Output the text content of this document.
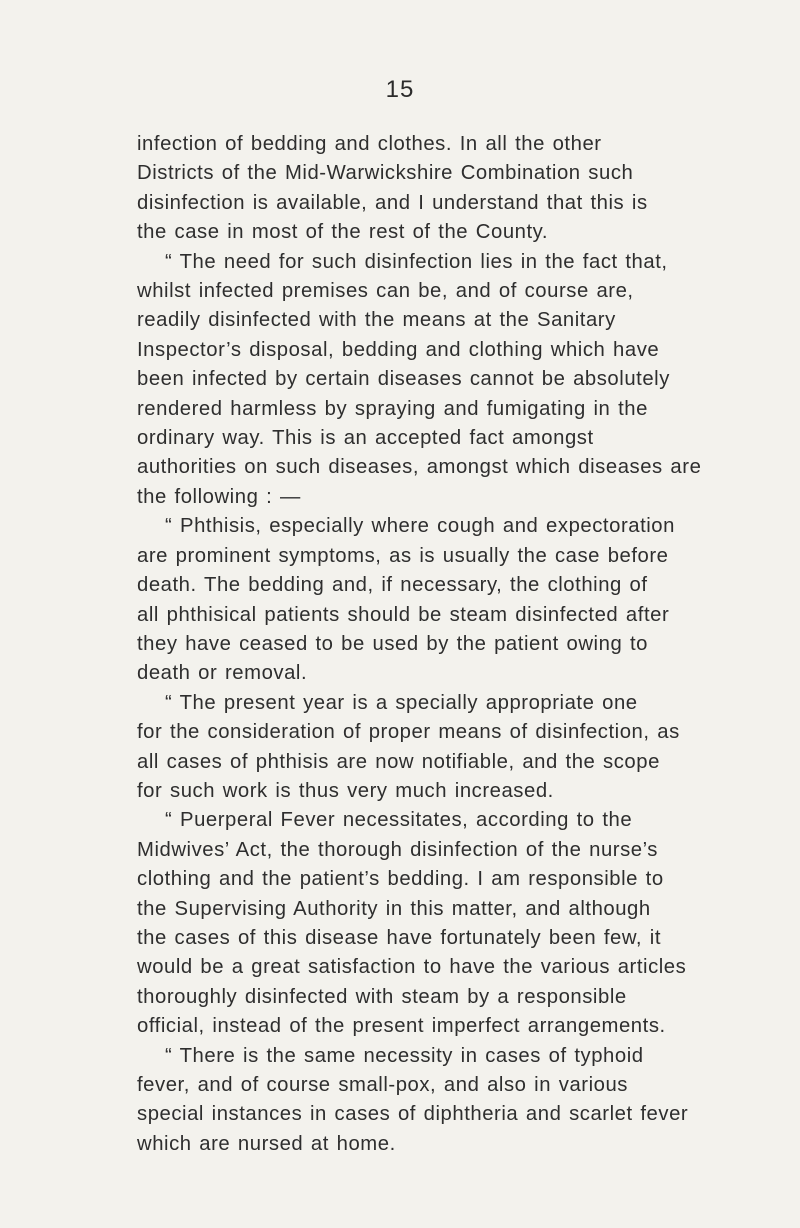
15

infection of bedding and clothes. In all the other
Districts of the Mid-Warwickshire Combination such
disinfection is available, and I understand that this is
the case in most of the rest of the County.

“ The need for such disinfection lies in the fact that,
whilst infected premises can be, and of course are,
readily disinfected with the means at the Sanitary
Inspector’s disposal, bedding and clothing which have
been infected by certain diseases cannot be absolutely
rendered harmless by spraying and fumigating in the
ordinary way. This is an accepted fact amongst
authorities on such diseases, amongst which diseases are
the following : —

“ Phthisis, especially where cough and expectoration
are prominent symptoms, as is usually the case before
death. The bedding and, if necessary, the clothing of
all phthisical patients should be steam disinfected after
they have ceased to be used by the patient owing to
death or removal.

“ The present year is a specially appropriate one
for the consideration of proper means of disinfection, as
all cases of phthisis are now notifiable, and the scope
for such work is thus very much increased.

“ Puerperal Fever necessitates, according to the
Midwives’ Act, the thorough disinfection of the nurse’s
clothing and the patient’s bedding. I am responsible to
the Supervising Authority in this matter, and although
the cases of this disease have fortunately been few, it
would be a great satisfaction to have the various articles
thoroughly disinfected with steam by a responsible
official, instead of the present imperfect arrangements.

“ There is the same necessity in cases of typhoid
fever, and of course small-pox, and also in various
special instances in cases of diphtheria and scarlet fever
which are nursed at home.
